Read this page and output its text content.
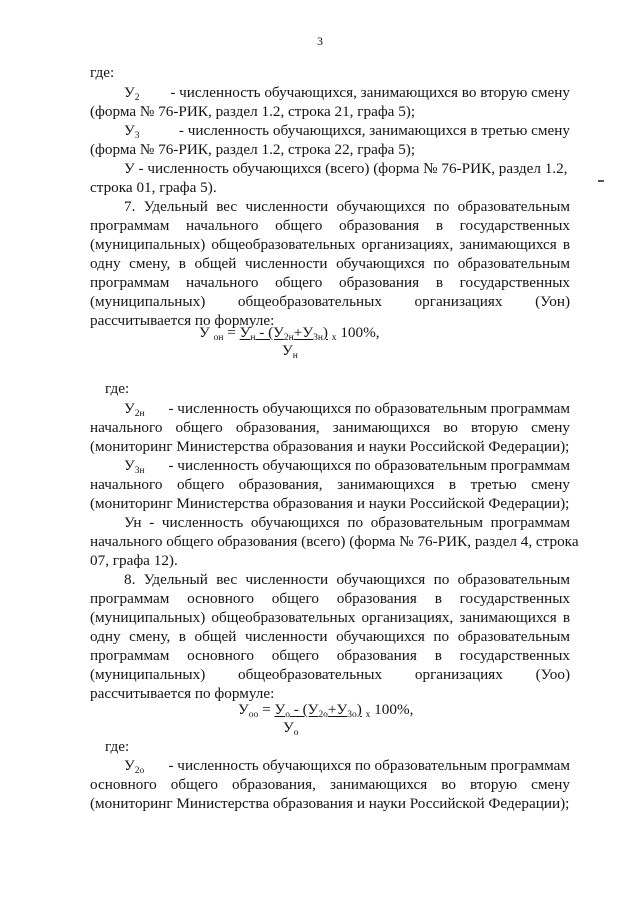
3
где:
У2 - численность обучающихся, занимающихся во вторую смену
(форма № 76-РИК, раздел 1.2, строка 21, графа 5);
У3	- численность обучающихся, занимающихся в третью смену
(форма № 76-РИК, раздел 1.2, строка 22, графа 5);
У - численность обучающихся (всего) (форма № 76-РИК, раздел 1.2,
строка 01, графа 5).
7. Удельный вес численности обучающихся по образовательным
программам начального общего образования в государственных
(муниципальных) общеобразовательных организациях, занимающихся в
одну смену, в общей численности обучающихся по образовательным
программам начального общего образования в государственных
(муниципальных) общеобразовательных организациях (Уон)
рассчитывается по формуле:
У он = Ун - (У2н+У3н) х 100%,
Ун
где:
У2н - численность обучающихся по образовательным программам
начального общего образования, занимающихся во вторую смену
(мониторинг Министерства образования и науки Российской Федерации);
У3н - численность обучающихся по образовательным программам
начального общего образования, занимающихся в третью смену
(мониторинг Министерства образования и науки Российской Федерации);
Ун - численность обучающихся по образовательным программам
начального общего образования (всего) (форма № 76-РИК, раздел 4, строка
07, графа 12).
8. Удельный вес численности обучающихся по образовательным
программам основного общего образования в государственных
(муниципальных) общеобразовательных организациях, занимающихся в
одну смену, в общей численности обучающихся по образовательным
программам основного общего образования в государственных
(муниципальных) общеобразовательных организациях (Уоо)
рассчитывается по формуле:
Уоо = Уо - (У2о+У3о) х 100%,
Уо
где:
У2о - численность обучающихся по образовательным программам
основного общего образования, занимающихся во вторую смену
(мониторинг Министерства образования и науки Российской Федерации);
